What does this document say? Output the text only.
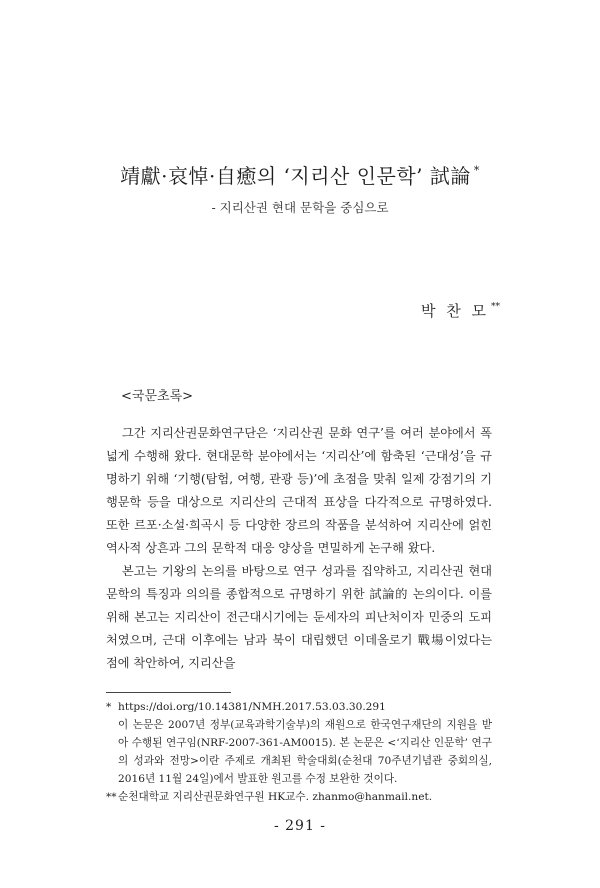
靖獻·哀悼·自癒의 ‘지리산 인문학’ 試論 *
- 지리산권 현대 문학을 중심으로
박 찬 모 **
<국문초록>

그간 지리산권문화연구단은 ‘지리산권 문화 연구’를 여러 분야에서 폭넓게 수행해 왔다. 현대문학 분야에서는 ‘지리산’에 함축된 ‘근대성’을 규명하기 위해 ‘기행(탐험, 여행, 관광 등)’에 초점을 맞춰 일제 강점기의 기행문학 등을 대상으로 지리산의 근대적 표상을 다각적으로 규명하였다. 또한 르포·소설·희곡시 등 다양한 장르의 작품을 분석하여 지리산에 얽힌 역사적 상흔과 그의 문학적 대응 양상을 면밀하게 논구해 왔다.

본고는 기왕의 논의를 바탕으로 연구 성과를 집약하고, 지리산권 현대 문학의 특징과 의의를 종합적으로 규명하기 위한 試論的 논의이다. 이를 위해 본고는 지리산이 전근대시기에는 둔세자의 피난처이자 민중의 도피처였으며, 근대 이후에는 남과 북이 대립했던 이데올로기 戰場이었다는 점에 착안하여, 지리산을

* https://doi.org/10.14381/NMH.2017.53.03.30.291
이 논문은 2007년 정부(교육과학기술부)의 재원으로 한국연구재단의 지원을 받아 수행된 연구임(NRF-2007-361-AM0015). 본 논문은 <‘지리산 인문학’ 연구의 성과와 전망>이란 주제로 개최된 학술대회(순천대 70주년기념관 중회의실, 2016년 11월 24일)에서 발표한 원고를 수정 보완한 것이다.
**순천대학교 지리산권문화연구원 HK교수. zhanmo@hanmail.net.
- 291 -
